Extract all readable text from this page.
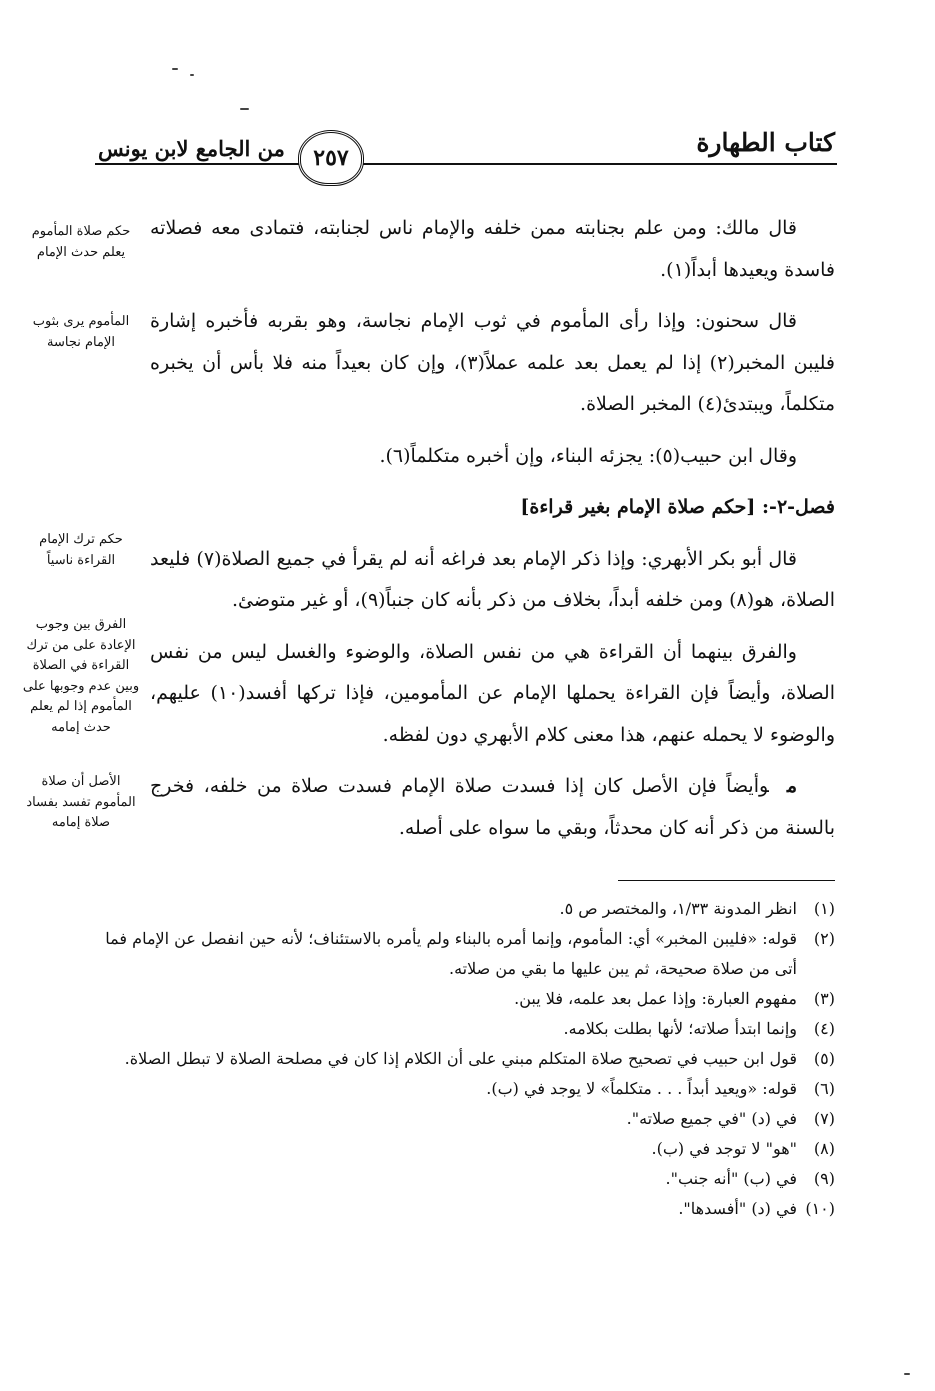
كتاب الطهارة
من الجامع لابن يونس ٢٥٧
حكم صلاة المأموم يعلم حدث الإمام
المأموم يرى بثوب الإمام نجاسة
حكم ترك الإمام القراءة ناسياً
الفرق بين وجوب الإعادة على من ترك القراءة في الصلاة وبين عدم وجوبها على المأموم إذا لم يعلم حدث إمامه
الأصل أن صلاة المأموم تفسد بفساد صلاة إمامه

قال مالك: ومن علم بجنابته ممن خلفه والإمام ناس لجنابته، فتمادى معه فصلاته فاسدة ويعيدها أبداً(١).

قال سحنون: وإذا رأى المأموم في ثوب الإمام نجاسة، وهو بقربه فأخبره إشارة فليبن المخبر(٢) إذا لم يعمل بعد علمه عملاً(٣)، وإن كان بعيداً منه فلا بأس أن يخبره متكلماً، ويبتدئ(٤) المخبر الصلاة.

وقال ابن حبيب(٥): يجزئه البناء، وإن أخبره متكلماً(٦).

فصل-٢-: [حكم صلاة الإمام بغير قراءة]

قال أبو بكر الأبهري: وإذا ذكر الإمام بعد فراغه أنه لم يقرأ في جميع الصلاة(٧) فليعد الصلاة، هو(٨) ومن خلفه أبداً، بخلاف من ذكر بأنه كان جنباً(٩)، أو غير متوضئ.

والفرق بينهما أن القراءة هي من نفس الصلاة، والوضوء والغسل ليس من نفس الصلاة، وأيضاً فإن القراءة يحملها الإمام عن المأمومين، فإذا تركها أفسد(١٠) عليهم، والوضوء لا يحمله عنهم، هذا معنى كلام الأبهري دون لفظه.

موأيضاً فإن الأصل كان إذا فسدت صلاة الإمام فسدت صلاة من خلفه، فخرج بالسنة من ذكر أنه كان محدثاً، وبقي ما سواه على أصله.

(١)انظر المدونة ١/٣٣، والمختصر ص ٥.
(٢)قوله: «فليبن المخبر» أي: المأموم، وإنما أمره بالبناء ولم يأمره بالاستئناف؛ لأنه حين انفصل عن الإمام فما أتى من صلاة صحيحة، ثم يبن عليها ما بقي من صلاته.
(٣)مفهوم العبارة: وإذا عمل بعد علمه، فلا يبن.
(٤)وإنما ابتدأ صلاته؛ لأنها بطلت بكلامه.
(٥)قول ابن حبيب في تصحيح صلاة المتكلم مبني على أن الكلام إذا كان في مصلحة الصلاة لا تبطل الصلاة.
(٦)قوله: «ويعيد أبداً . . . متكلماً» لا يوجد في (ب).
(٧)في (د) "في جميع صلاته".
(٨)"هو" لا توجد في (ب).
(٩)في (ب) "أنه جنب".
(١٠)في (د) "أفسدها".
